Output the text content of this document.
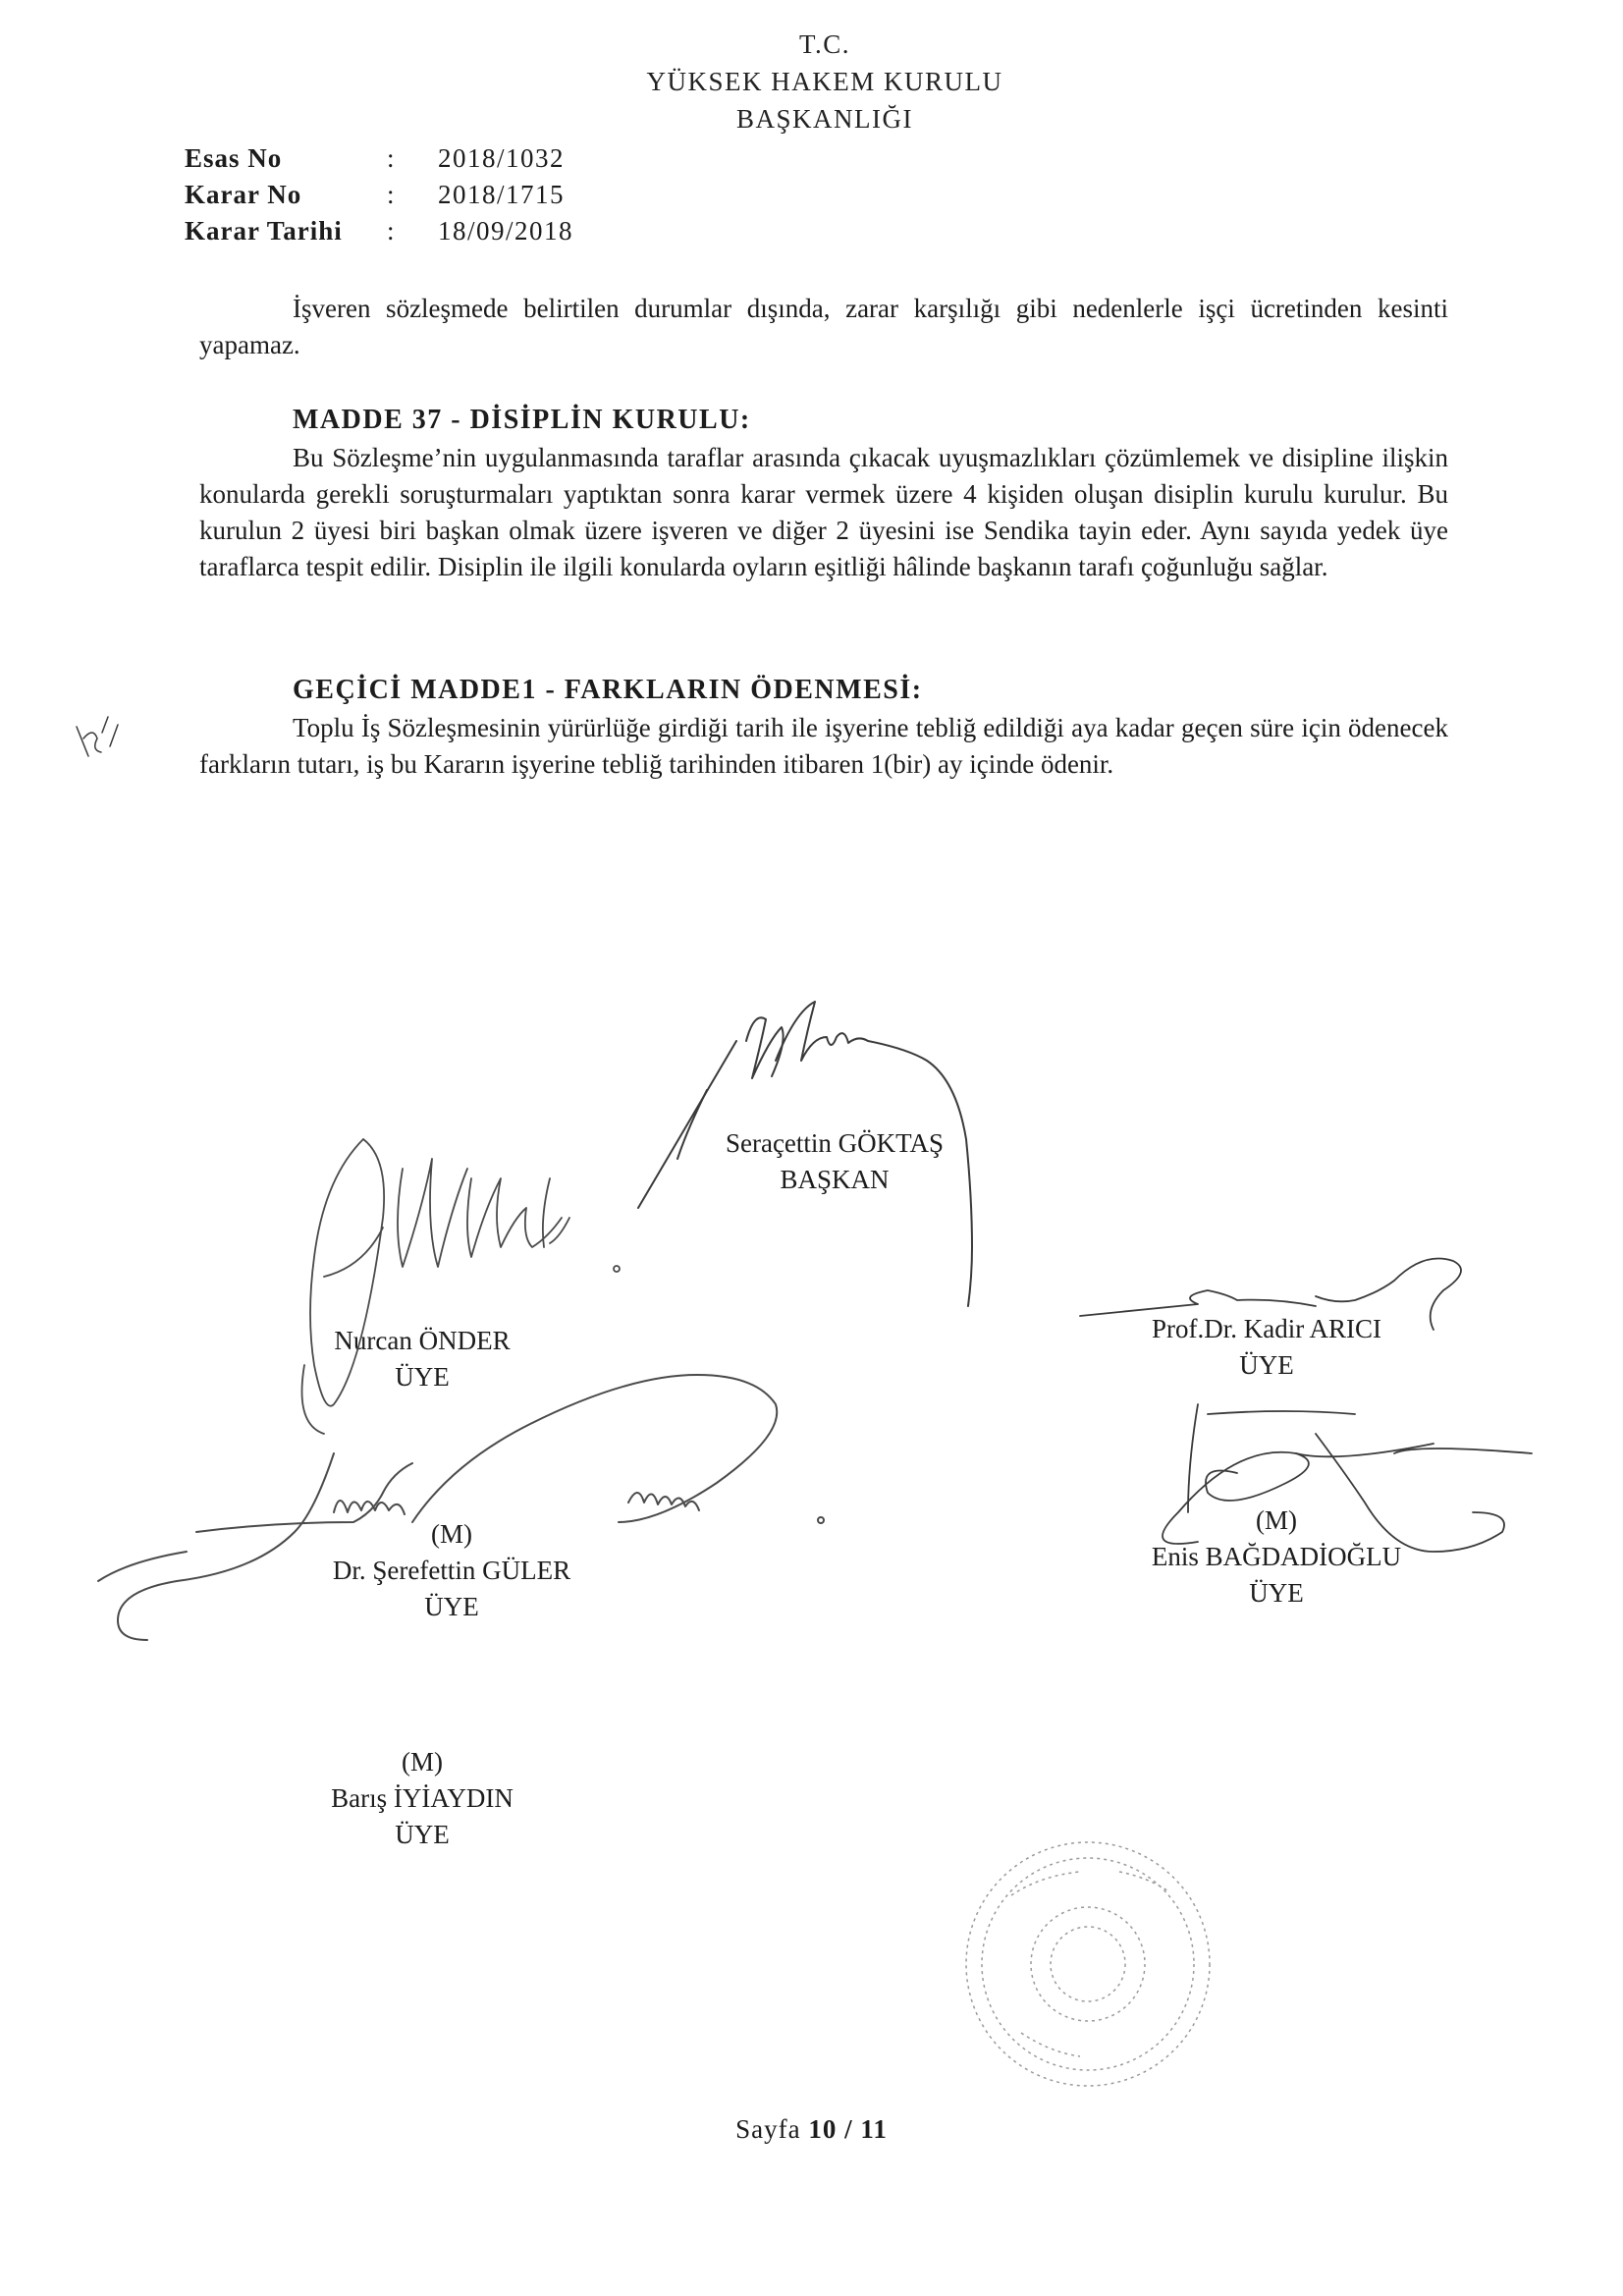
T.C.
YÜKSEK HAKEM KURULU
BAŞKANLIĞI
Esas No	: 2018/1032
Karar No	: 2018/1715
Karar Tarihi : 18/09/2018

İşveren sözleşmede belirtilen durumlar dışında, zarar karşılığı gibi nedenlerle işçi ücretinden kesinti yapamaz.

MADDE 37 - DİSİPLİN KURULU:

Bu Sözleşme’nin uygulanmasında taraflar arasında çıkacak uyuşmazlıkları çözümlemek ve disipline ilişkin konularda gerekli soruşturmaları yaptıktan sonra karar vermek üzere 4 kişiden oluşan disiplin kurulu kurulur. Bu kurulun 2 üyesi biri başkan olmak üzere işveren ve diğer 2 üyesini ise Sendika tayin eder. Aynı sayıda yedek üye taraflarca tespit edilir. Disiplin ile ilgili konularda oyların eşitliği hâlinde başkanın tarafı çoğunluğu sağlar.

GEÇİCİ MADDE1 - FARKLARIN ÖDENMESİ:

Toplu İş Sözleşmesinin yürürlüğe girdiği tarih ile işyerine tebliğ edildiği aya kadar geçen süre için ödenecek farkların tutarı, iş bu Kararın işyerine tebliğ tarihinden itibaren 1(bir) ay içinde ödenir.

Seraçettin GÖKTAŞ
BAŞKAN
Nurcan ÖNDER
ÜYE
Prof.Dr. Kadir ARICI
ÜYE
(M)
Dr. Şerefettin GÜLER
ÜYE
(M)
Enis BAĞDADİOĞLU
ÜYE
(M)
Barış İYİAYDIN
ÜYE
Sayfa 10 / 11
